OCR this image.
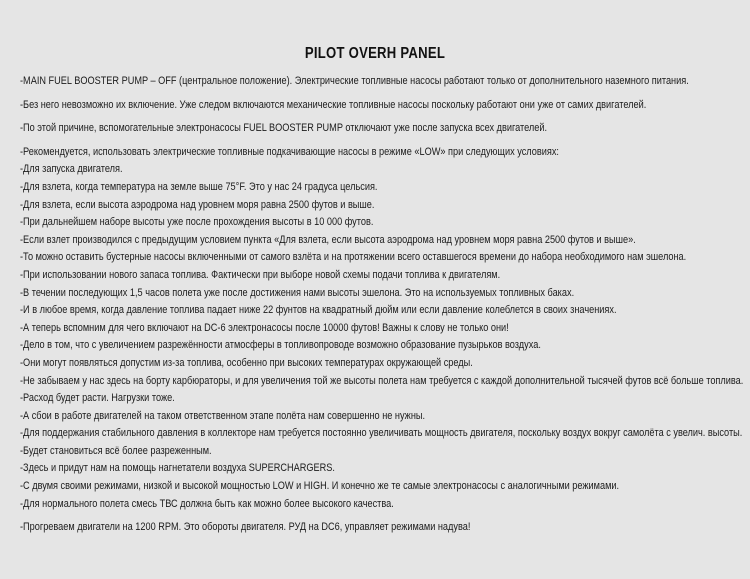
PILOT OVERH PANEL
-MAIN FUEL BOOSTER PUMP – OFF (центральное положение). Электрические топливные насосы работают только от дополнительного наземного питания.
-Без него невозможно их включение. Уже следом включаются механические топливные насосы поскольку работают они уже от самих двигателей.
-По этой причине, вспомогательные электронасосы FUEL BOOSTER PUMP отключают уже после запуска всех двигателей.
-Рекомендуется, использовать электрические топливные подкачивающие насосы в режиме «LOW» при следующих условиях:
-Для запуска двигателя.
-Для взлета, когда температура на земле выше 75°F. Это у нас 24 градуса цельсия.
-Для взлета, если высота аэродрома над уровнем моря равна 2500 футов и выше.
-При дальнейшем наборе высоты уже после прохождения высоты в 10 000 футов.
-Если взлет производился с предыдущим условием пункта «Для взлета, если высота аэродрома над уровнем моря равна 2500 футов и выше».
-То можно оставить бустерные насосы включенными от самого взлёта и на протяжении всего оставшегося времени до набора необходимого нам эшелона.
-При использовании нового запаса топлива. Фактически при выборе новой схемы подачи топлива к двигателям.
-В течении последующих 1,5 часов полета уже после достижения нами высоты эшелона. Это на используемых топливных баках.
-И в любое время, когда давление топлива падает ниже 22 фунтов на квадратный дюйм или если давление колеблется в своих значениях.
-А теперь вспомним для чего включают на DC-6 электронасосы после 10000 футов! Важны к слову не только они!
-Дело в том, что с увеличением разрежённости атмосферы в топливопроводе возможно образование пузырьков воздуха.
-Они могут появляться допустим из-за топлива, особенно при высоких температурах окружающей среды.
-Не забываем у нас здесь на борту карбюраторы, и для увеличения той же высоты полета нам требуется с каждой дополнительной тысячей футов всё больше топлива.
-Расход будет расти. Нагрузки тоже.
-А сбои в работе двигателей на таком ответственном этапе полёта нам совершенно не нужны.
-Для поддержания стабильного давления в коллекторе нам требуется постоянно увеличивать мощность двигателя, поскольку воздух вокруг самолёта с увелич. высоты.
-Будет становиться всё более разреженным.
-Здесь и придут нам на помощь нагнетатели воздуха SUPERCHARGERS.
-С двумя своими режимами, низкой и высокой мощностью LOW и HIGH. И конечно же те самые электронасосы с аналогичными режимами.
-Для нормального полета смесь ТВС должна быть как можно более высокого качества.
-Прогреваем двигатели на 1200 RPM. Это обороты двигателя. РУД на DC6, управляет режимами надува!
